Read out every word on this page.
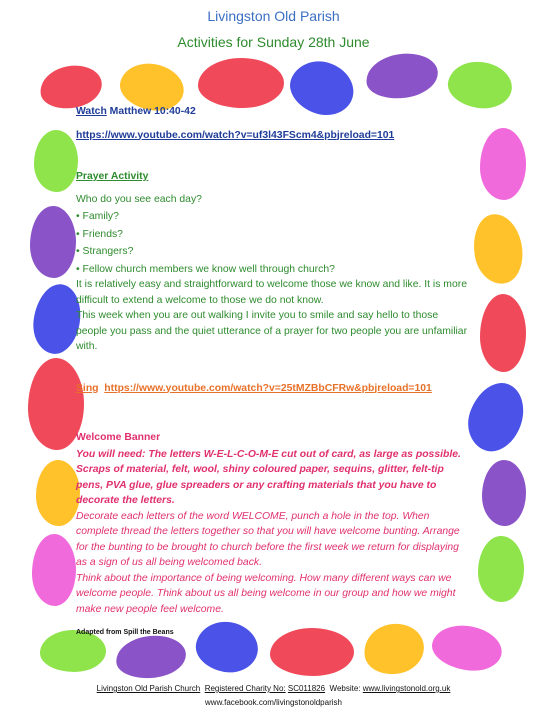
Livingston Old Parish
Activities for Sunday 28th June
Watch Matthew 10:40-42
https://www.youtube.com/watch?v=uf3l43FScm4&pbjreload=101
Prayer Activity
Who do you see each day?
• Family?
• Friends?
• Strangers?
• Fellow church members we know well through church?
It is relatively easy and straightforward to welcome those we know and like. It is more difficult to extend a welcome to those we do not know.
This week when you are out walking I invite you to smile and say hello to those people you pass and the quiet utterance of a prayer for two people you are unfamiliar with.
Sing https://www.youtube.com/watch?v=25tMZBbCFRw&pbjreload=101
Welcome Banner
You will need: The letters W-E-L-C-O-M-E cut out of card, as large as possible. Scraps of material, felt, wool, shiny coloured paper, sequins, glitter, felt-tip pens, PVA glue, glue spreaders or any crafting materials that you have to decorate the letters.
Decorate each letters of the word WELCOME, punch a hole in the top. When complete thread the letters together so that you will have welcome bunting. Arrange for the bunting to be brought to church before the first week we return for displaying as a sign of us all being welcomed back.
Think about the importance of being welcoming. How many different ways can we welcome people. Think about us all being welcome in our group and how we might make new people feel welcome.
Adapted from Spill the Beans
Livingston Old Parish Church Registered Charity No: SC011826 Website: www.livingstonold.org.uk
www.facebook.com/livingstonoldparish
